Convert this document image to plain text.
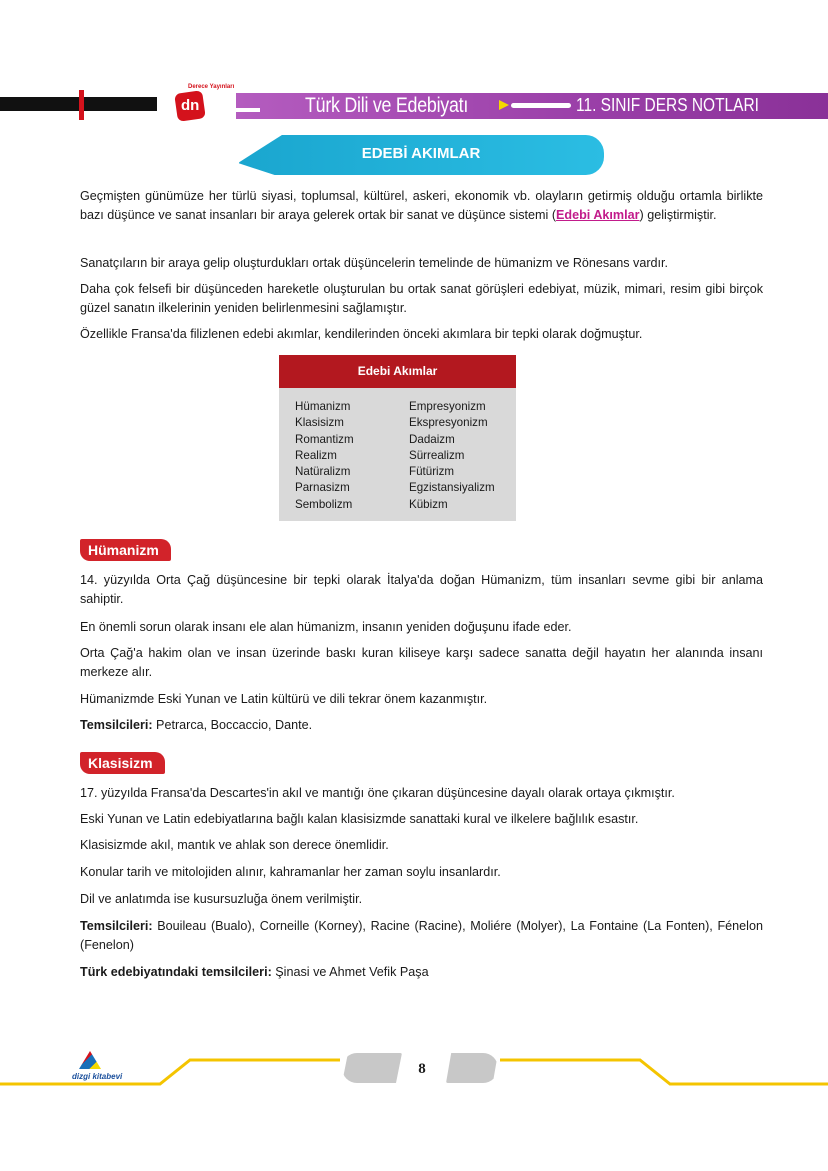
dn
Derece Yayınları
Türk Dili ve Edebiyatı	11. SINIF DERS NOTLARI
EDEBİ AKIMLAR
Geçmişten günümüze her türlü siyasi, toplumsal, kültürel, askeri, ekonomik vb. olayların getirmiş olduğu ortamla birlikte bazı düşünce ve sanat insanları bir araya gelerek ortak bir sanat ve düşünce sistemi (Edebi Akımlar) geliştirmiştir.
Sanatçıların bir araya gelip oluşturdukları ortak düşüncelerin temelinde de hümanizm ve Rönesans vardır.
Daha çok felsefi bir düşünceden hareketle oluşturulan bu ortak sanat görüşleri edebiyat, müzik, mimari, resim gibi birçok güzel sanatın ilkelerinin yeniden belirlenmesini sağlamıştır.
Özellikle Fransa'da filizlenen edebi akımlar, kendilerinden önceki akımlara bir tepki olarak doğmuştur.
Edebi Akımlar
Hümanizm
Klasisizm
Romantizm
Realizm
Natüralizm
Parnasizm
Sembolizm
Empresyonizm
Ekspresyonizm
Dadaizm
Sürrealizm
Fütürizm
Egzistansiyalizm
Kübizm
Hümanizm
14. yüzyılda Orta Çağ düşüncesine bir tepki olarak İtalya'da doğan Hümanizm, tüm insanları sevme gibi bir anlama sahiptir.
En önemli sorun olarak insanı ele alan hümanizm, insanın yeniden doğuşunu ifade eder.
Orta Çağ'a hakim olan ve insan üzerinde baskı kuran kiliseye karşı sadece sanatta değil hayatın her alanında insanı merkeze alır.
Hümanizmde Eski Yunan ve Latin kültürü ve dili tekrar önem kazanmıştır.
Temsilcileri: Petrarca, Boccaccio, Dante.
Klasisizm
17. yüzyılda Fransa'da Descartes'in akıl ve mantığı öne çıkaran düşüncesine dayalı olarak ortaya çıkmıştır.
Eski Yunan ve Latin edebiyatlarına bağlı kalan klasisizmde sanattaki kural ve ilkelere bağlılık esastır.
Klasisizmde akıl, mantık ve ahlak son derece önemlidir.
Konular tarih ve mitolojiden alınır, kahramanlar her zaman soylu insanlardır.
Dil ve anlatımda ise kusursuzluğa önem verilmiştir.
Temsilcileri: Bouileau (Bualo), Corneille (Korney), Racine (Racine), Moliére (Molyer), La Fontaine (La Fonten), Fénelon (Fenelon)
Türk edebiyatındaki temsilcileri: Şinasi ve Ahmet Vefik Paşa
dizgi kitabevi	8
